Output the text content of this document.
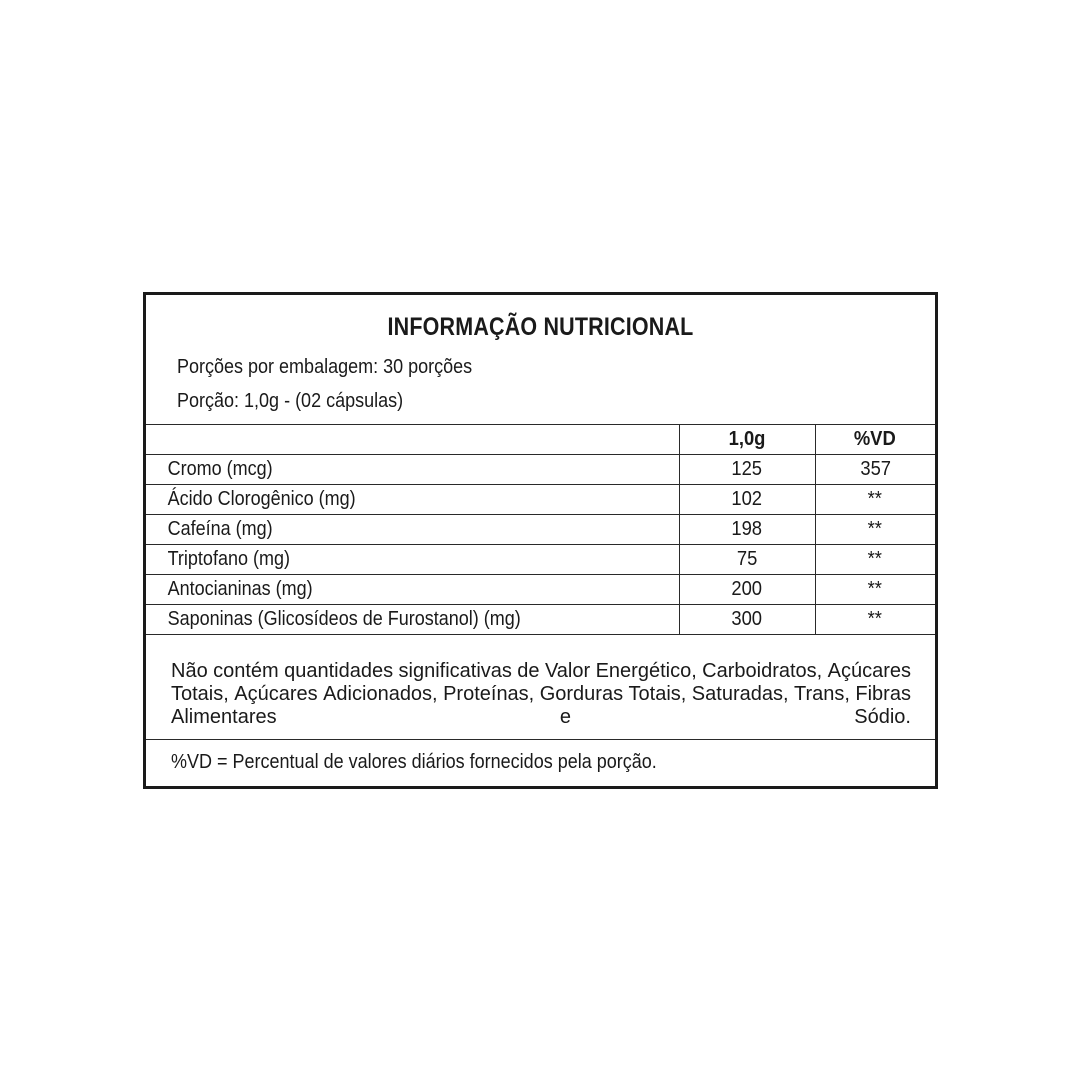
INFORMAÇÃO NUTRICIONAL
Porções por embalagem: 30 porções
Porção: 1,0g - (02 cápsulas)
	1,0g	%VD
Cromo (mcg)	125	357
Ácido Clorogênico (mg)	102	**
Cafeína (mg)	198	**
Triptofano (mg)	75	**
Antocianinas (mg)	200	**
Saponinas (Glicosídeos de Furostanol) (mg)	300	**
Não contém quantidades significativas de Valor Energético, Carboidratos, Açúcares
Totais, Açúcares Adicionados, Proteínas, Gorduras Totais, Saturadas, Trans, Fibras
Alimentares	e	Sódio.
%VD = Percentual de valores diários fornecidos pela porção.
